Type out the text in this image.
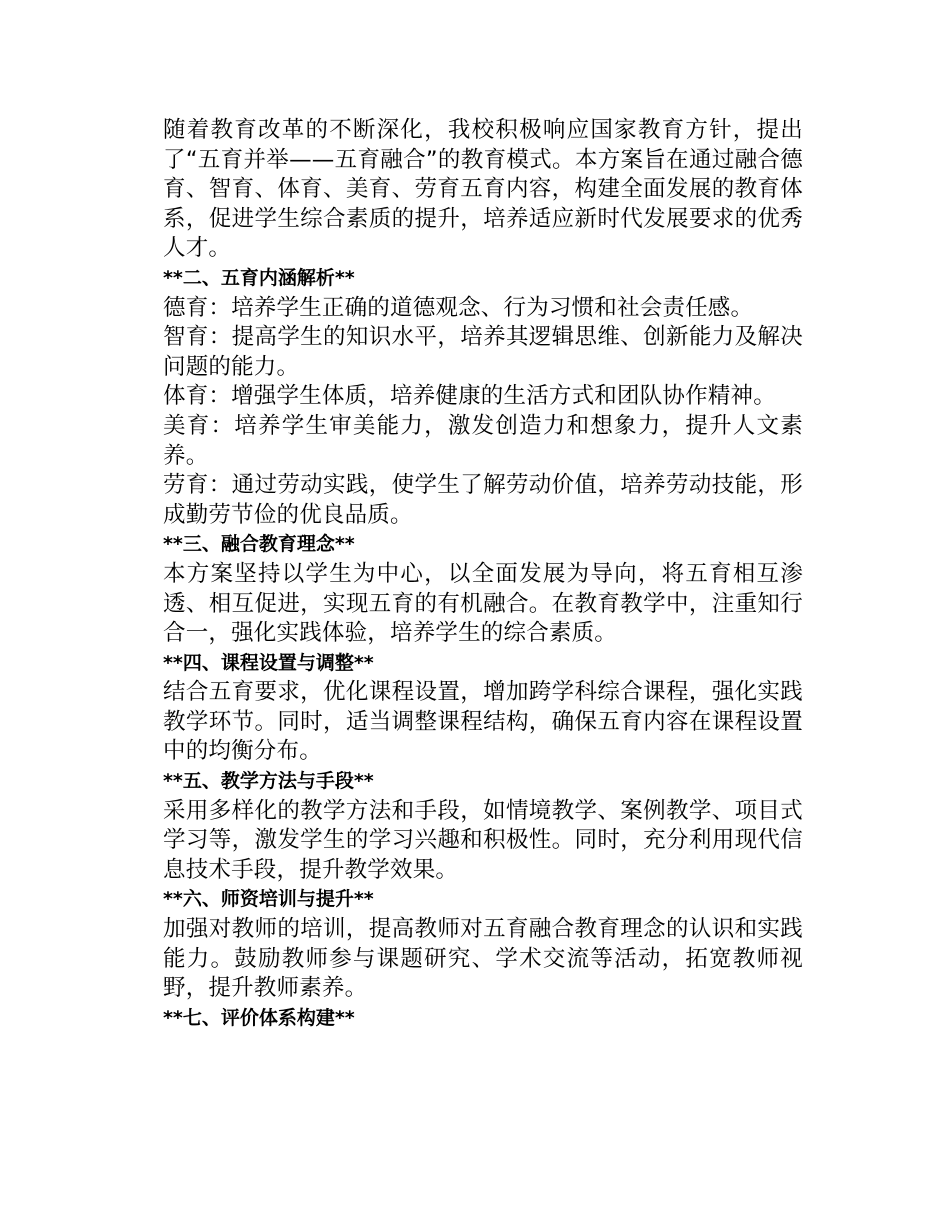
随着教育改革的不断深化，我校积极响应国家教育方针，提出了“五育并举——五育融合”的教育模式。本方案旨在通过融合德育、智育、体育、美育、劳育五育内容，构建全面发展的教育体系，促进学生综合素质的提升，培养适应新时代发展要求的优秀人才。

**二、五育内涵解析**

德育：培养学生正确的道德观念、行为习惯和社会责任感。

智育：提高学生的知识水平，培养其逻辑思维、创新能力及解决问题的能力。

体育：增强学生体质，培养健康的生活方式和团队协作精神。

美育：培养学生审美能力，激发创造力和想象力，提升人文素养。

劳育：通过劳动实践，使学生了解劳动价值，培养劳动技能，形成勤劳节俭的优良品质。

**三、融合教育理念**

本方案坚持以学生为中心，以全面发展为导向，将五育相互渗透、相互促进，实现五育的有机融合。在教育教学中，注重知行合一，强化实践体验，培养学生的综合素质。

**四、课程设置与调整**

结合五育要求，优化课程设置，增加跨学科综合课程，强化实践教学环节。同时，适当调整课程结构，确保五育内容在课程设置中的均衡分布。

**五、教学方法与手段**

采用多样化的教学方法和手段，如情境教学、案例教学、项目式学习等，激发学生的学习兴趣和积极性。同时，充分利用现代信息技术手段，提升教学效果。

**六、师资培训与提升**

加强对教师的培训，提高教师对五育融合教育理念的认识和实践能力。鼓励教师参与课题研究、学术交流等活动，拓宽教师视野，提升教师素养。

**七、评价体系构建**
